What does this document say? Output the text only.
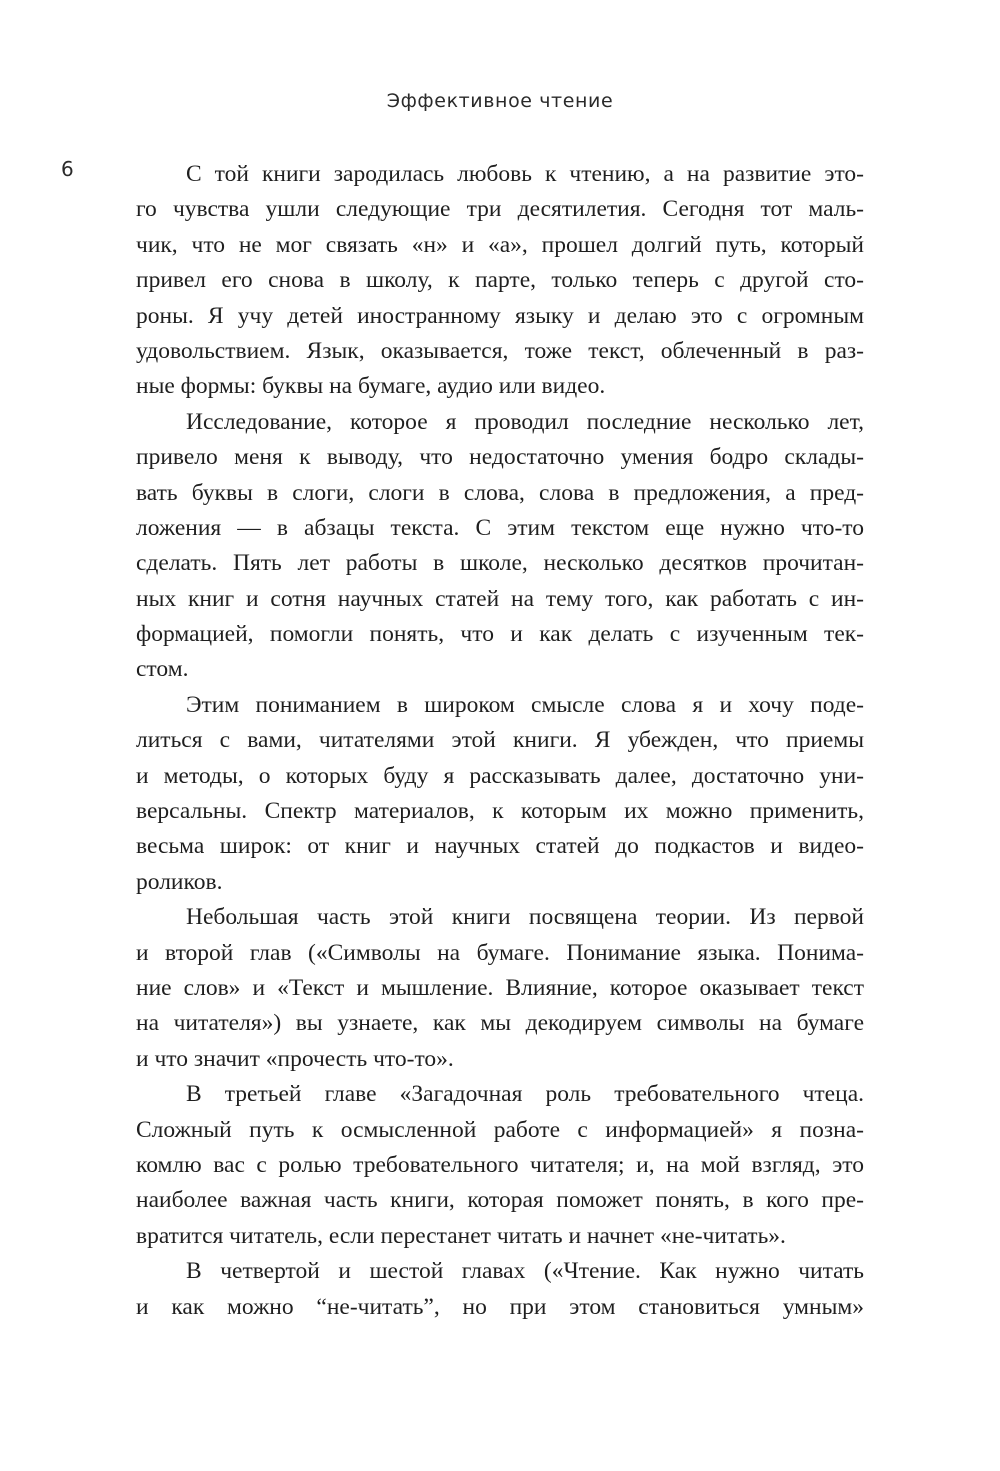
Эффективное чтение
6	С той книги зародилась любовь к чтению, а на развитие это-
го чувства ушли следующие три десятилетия. Сегодня тот маль-
чик, что не мог связать «н» и «а», прошел долгий путь, который
привел его снова в школу, к парте, только теперь с другой сто-
роны. Я учу детей иностранному языку и делаю это с огромным
удовольствием. Язык, оказывается, тоже текст, облеченный в раз-
ные формы: буквы на бумаге, аудио или видео.
Исследование, которое я проводил последние несколько лет,
привело меня к выводу, что недостаточно умения бодро склады-
вать буквы в слоги, слоги в слова, слова в предложения, а пред-
ложения — в абзацы текста. С этим текстом еще нужно что-то
сделать. Пять лет работы в школе, несколько десятков прочитан-
ных книг и сотня научных статей на тему того, как работать с ин-
формацией, помогли понять, что и как делать с изученным тек-
стом.
Этим пониманием в широком смысле слова я и хочу поде-
литься с вами, читателями этой книги. Я убежден, что приемы
и методы, о которых буду я рассказывать далее, достаточно уни-
версальны. Спектр материалов, к которым их можно применить,
весьма широк: от книг и научных статей до подкастов и видео-
роликов.
Небольшая часть этой книги посвящена теории. Из первой
и второй глав («Символы на бумаге. Понимание языка. Понима-
ние слов» и «Текст и мышление. Влияние, которое оказывает текст
на читателя») вы узнаете, как мы декодируем символы на бумаге
и что значит «прочесть что-то».
В третьей главе «Загадочная роль требовательного чтеца.
Сложный путь к осмысленной работе с информацией» я позна-
комлю вас с ролью требовательного читателя; и, на мой взгляд, это
наиболее важная часть книги, которая поможет понять, в кого пре-
вратится читатель, если перестанет читать и начнет «не-читать».
В четвертой и шестой главах («Чтение. Как нужно читать
и как можно “не-читать”, но при этом становиться умным»
